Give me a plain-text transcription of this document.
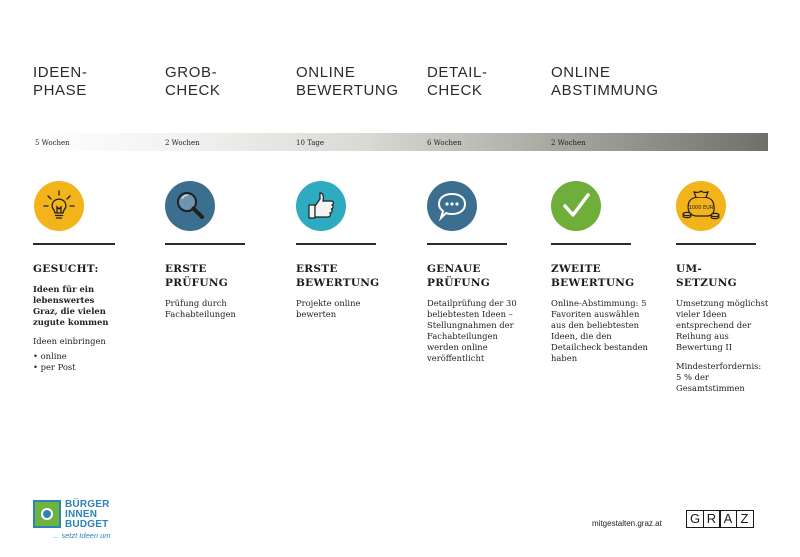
IDEEN-
PHASE
GROB-
CHECK
ONLINE
BEWERTUNG
DETAIL-
CHECK
ONLINE
ABSTIMMUNG
5 Wochen	2 Wochen	10 Tage	6 Wochen	2 Wochen
1000 EUR
GESUCHT:

Ideen für ein lebenswertes Graz, die vielen zugute kommen

Ideen einbringen

• online
• per Post
ERSTE
PRÜFUNG

Prüfung durch Fachabteilungen

ERSTE
BEWERTUNG

Projekte online bewerten

GENAUE
PRÜFUNG

Detailprüfung der 30 beliebtesten Ideen – Stellungnahmen der Fachabteilungen werden online veröffentlicht

ZWEITE
BEWERTUNG

Online-Abstimmung: 5 Favoriten auswählen aus den beliebtesten Ideen, die den Detailcheck bestanden haben

UM-
SETZUNG

Umsetzung möglichst vieler Ideen entsprechend der Reihung aus Bewertung II

Mindesterfordernis: 5 % der Gesamtstimmen

BÜRGER
INNEN
BUDGET
... setzt Ideen um
mitgestalten.graz.at	G R A Z
